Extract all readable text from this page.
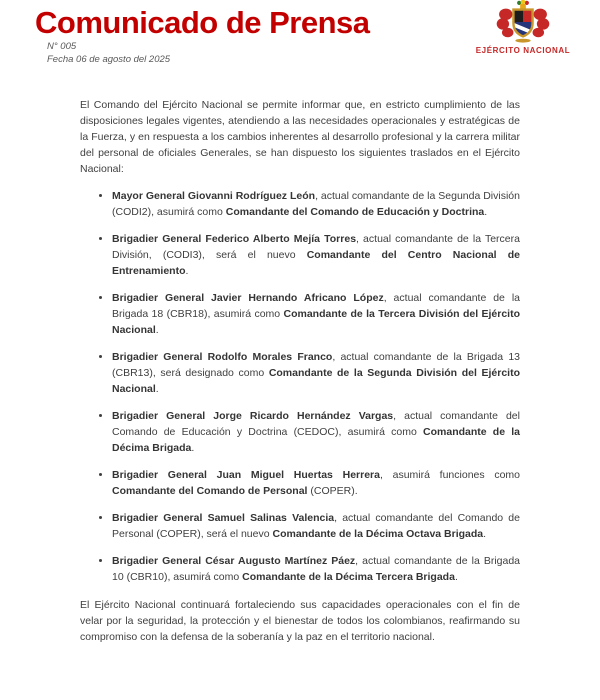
Comunicado de Prensa
N° 005
Fecha 06 de agosto del 2025
EJÉRCITO NACIONAL

El Comando del Ejército Nacional se permite informar que, en estricto cumplimiento de las disposiciones legales vigentes, atendiendo a las necesidades operacionales y estratégicas de la Fuerza, y en respuesta a los cambios inherentes al desarrollo profesional y la carrera militar del personal de oficiales Generales, se han dispuesto los siguientes traslados en el Ejército Nacional:

• Mayor General Giovanni Rodríguez León, actual comandante de la Segunda División (CODI2), asumirá como Comandante del Comando de Educación y Doctrina.
• Brigadier General Federico Alberto Mejía Torres, actual comandante de la Tercera División, (CODI3), será el nuevo Comandante del Centro Nacional de Entrenamiento.
• Brigadier General Javier Hernando Africano López, actual comandante de la Brigada 18 (CBR18), asumirá como Comandante de la Tercera División del Ejército Nacional.
• Brigadier General Rodolfo Morales Franco, actual comandante de la Brigada 13 (CBR13), será designado como Comandante de la Segunda División del Ejército Nacional.
• Brigadier General Jorge Ricardo Hernández Vargas, actual comandante del Comando de Educación y Doctrina (CEDOC), asumirá como Comandante de la Décima Brigada.
• Brigadier General Juan Miguel Huertas Herrera, asumirá funciones como Comandante del Comando de Personal (COPER).
• Brigadier General Samuel Salinas Valencia, actual comandante del Comando de Personal (COPER), será el nuevo Comandante de la Décima Octava Brigada.
• Brigadier General César Augusto Martínez Páez, actual comandante de la Brigada 10 (CBR10), asumirá como Comandante de la Décima Tercera Brigada.

El Ejército Nacional continuará fortaleciendo sus capacidades operacionales con el fin de velar por la seguridad, la protección y el bienestar de todos los colombianos, reafirmando su compromiso con la defensa de la soberanía y la paz en el territorio nacional.
